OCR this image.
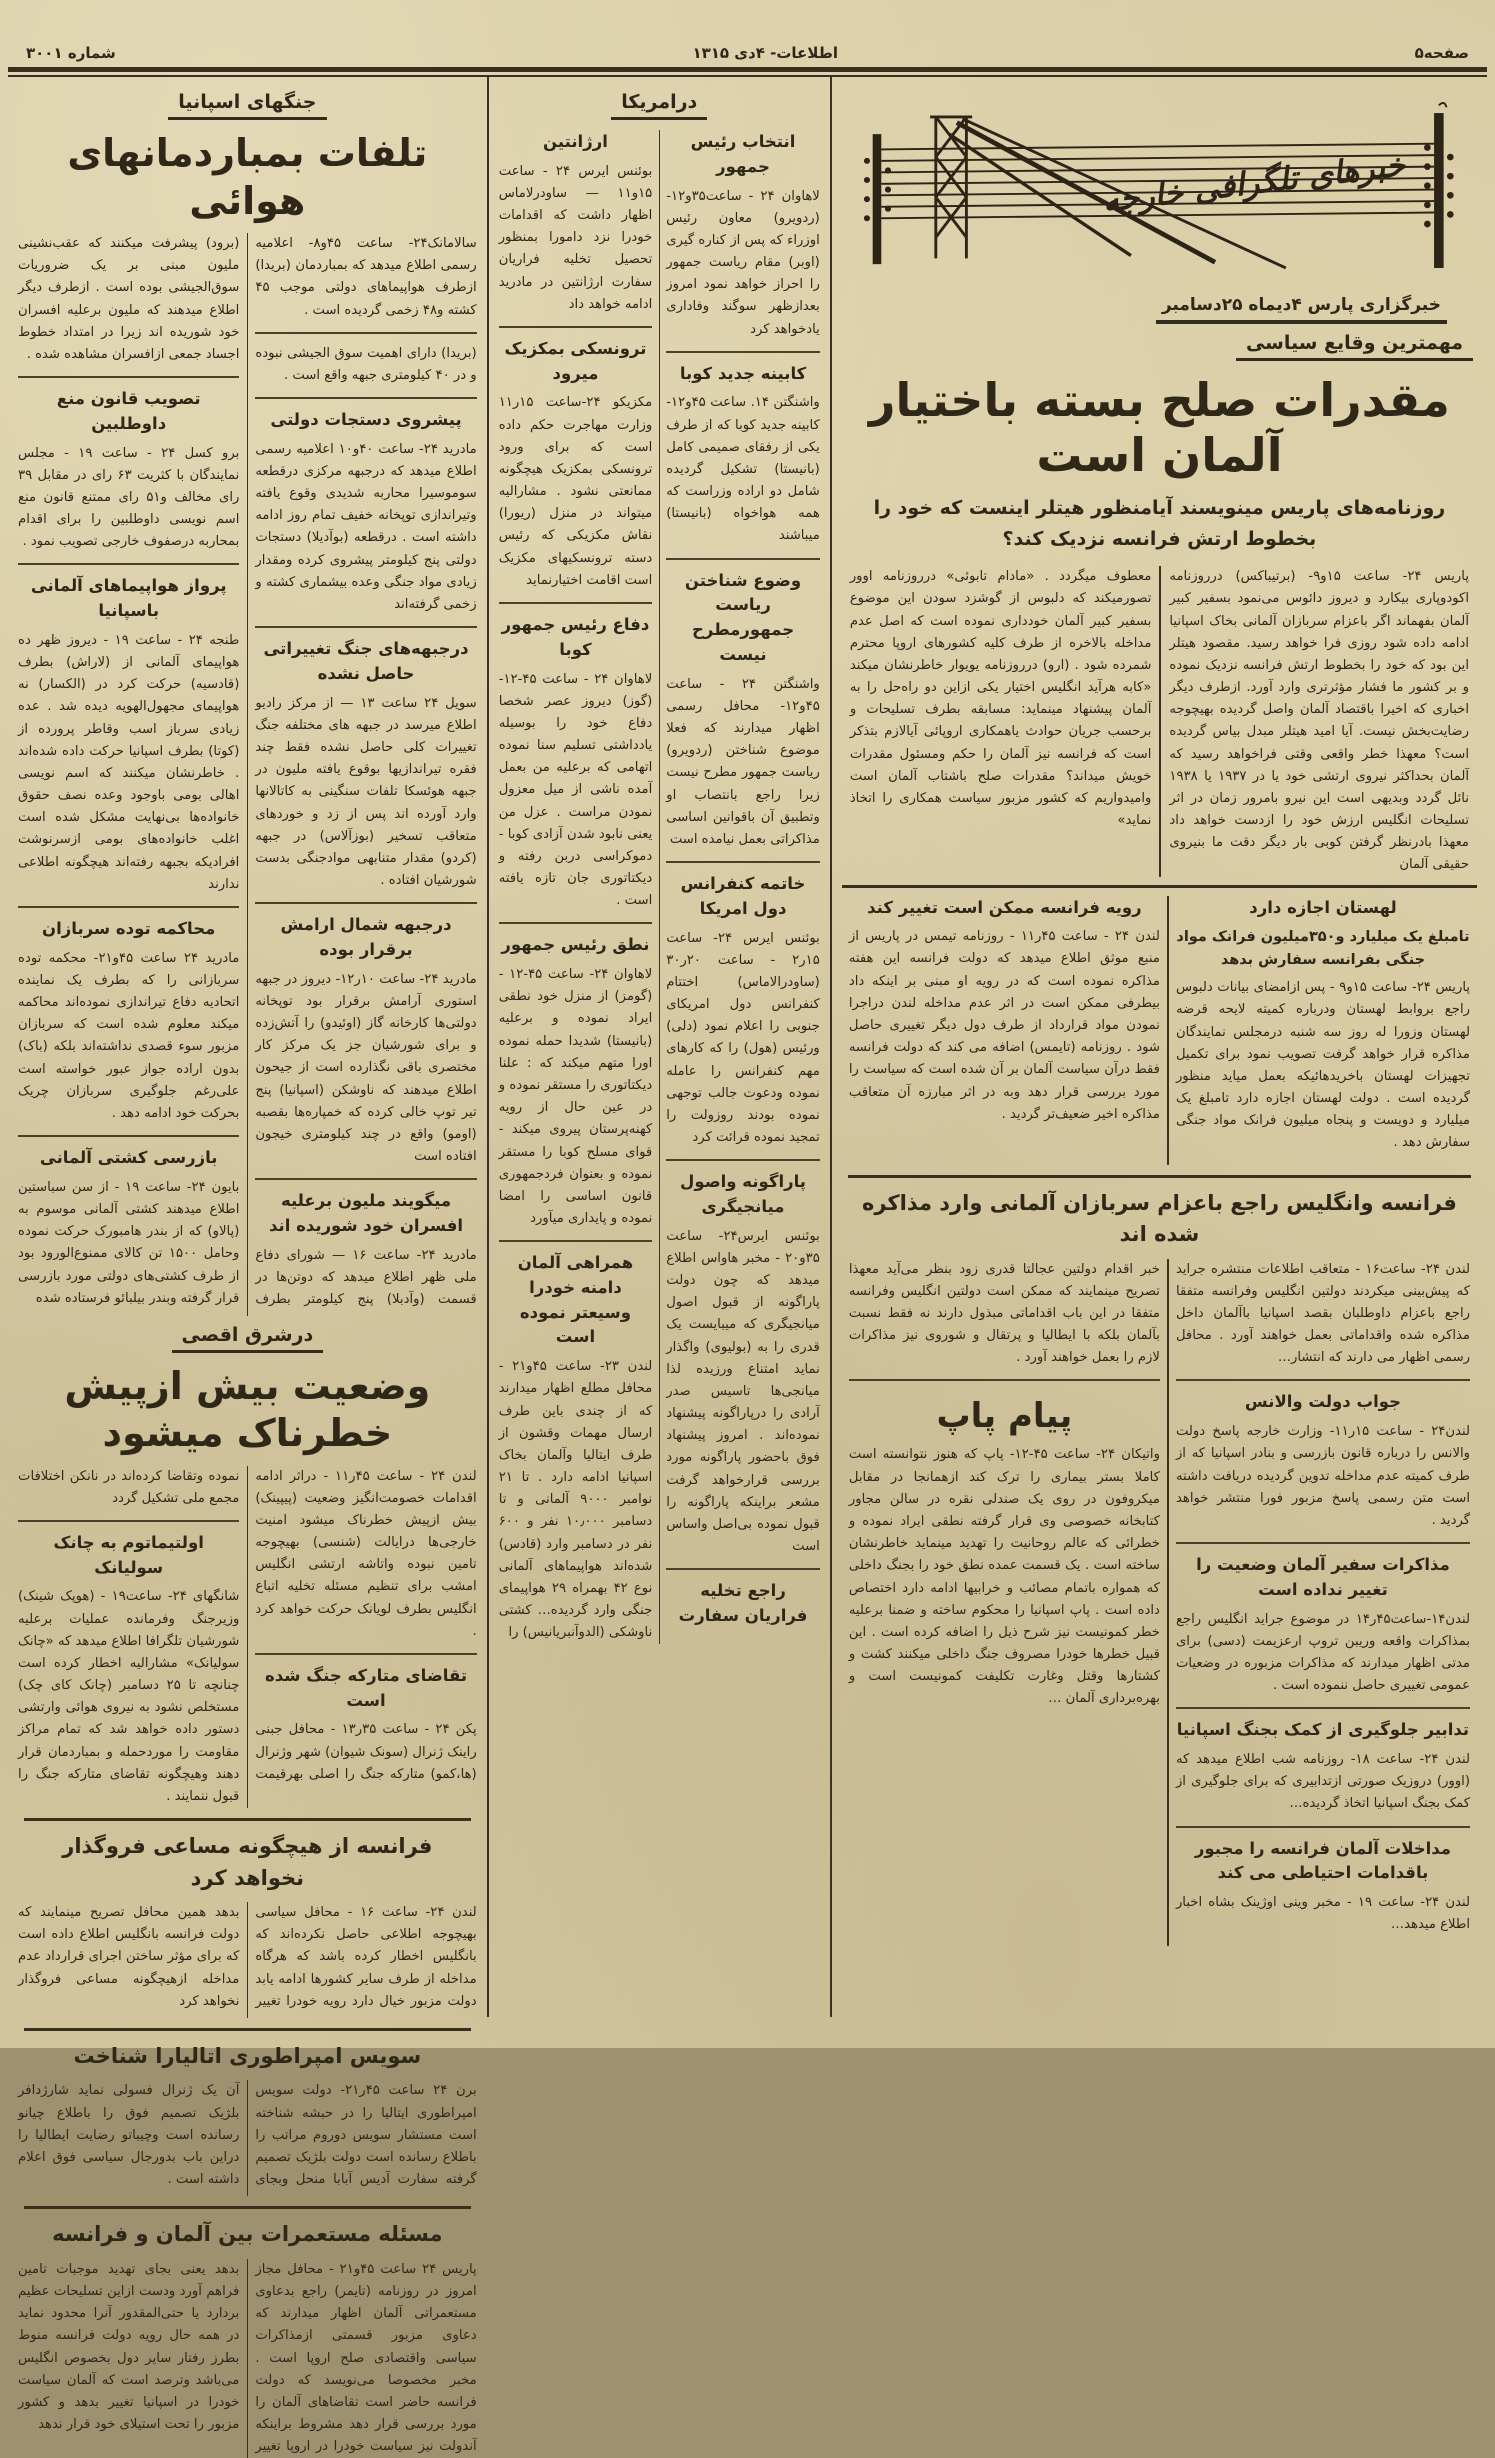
صفحه۵
اطلاعات- ۴دی ۱۳۱۵
شماره ۳۰۰۱
خبرهای تلگرافی خارجه
خبرگزاری پارس ۴دیماه ۲۵دسامبر
مهمترین وقایع سیاسی
مقدرات صلح بسته باختیار آلمان است
روزنامه‌های پاریس مینویسند آیامنظور هیتلر اینست که خود را بخطوط ارتش فرانسه نزدیک کند؟

پاریس ۲۴- ساعت ۱۵و۹- (برتیباکس) درروزنامه اکودوپاری بیکارد و دیروز دائوس می‌نمود بسفیر کبیر آلمان بفهماند اگر باعزام سربازان آلمانی بخاک اسپانیا ادامه داده شود روزی فرا خواهد رسید. مقصود هیتلر این بود که خود را بخطوط ارتش فرانسه نزدیک نموده و بر کشور ما فشار مؤثرتری وارد آورد. ازطرف دیگر اخباری که اخیرا باقتصاد آلمان واصل گردیده بهیچوجه رضایت‌بخش نیست. آیا امید هیتلر مبدل بیاس گردیده است؟ معهذا خطر واقعی وقتی فراخواهد رسید که آلمان بحداکثر نیروی ارتشی خود یا در ۱۹۳۷ یا ۱۹۳۸ نائل گردد وبدیهی است این نیرو بامرور زمان در اثر تسلیحات انگلیس ارزش خود را ازدست خواهد داد معهذا بادرنظر گرفتن کوبی بار دیگر دقت ما بنیروی حقیقی آلمان

معطوف میگردد . «مادام تابوئی» درروزنامه اوور تصورمیکند که دلبوس از گوشزد سودن این موضوع بسفیر کبیر آلمان خودداری نموده است که اصل عدم مداخله بالاخره از طرف کلیه کشورهای اروپا محترم شمرده شود . (ارو) درروزنامه یویوار خاطرنشان میکند «کابه هرآید انگلیس اختیار یکی ازاین دو راه‌حل را به آلمان پیشنهاد مینماید: مسابقه بطرف تسلیحات و برحسب جریان حوادث یاهمکاری اروپائی آیالازم بتذکر است که فرانسه نیز آلمان را حکم ومسئول مقدرات خویش میداند؟ مقدرات صلح باشتاب آلمان است وامیدواریم که کشور مزبور سیاست همکاری را اتخاذ نماید»

لهستان اجازه دارد
تامبلغ یک میلیارد و۳۵۰میلیون فرانک مواد جنگی بفرانسه سفارش بدهد

پاریس ۲۴- ساعت ۱۵و۹ - پس ازامضای بیانات دلبوس راجع بروابط لهستان ودرباره کمیته لایحه قرضه لهستان وزورا له روز سه شنبه درمجلس نمایندگان مذاکره قرار خواهد گرفت تصویب نمود برای تکمیل تجهیزات لهستان باخریدهائیکه بعمل میاید منظور گردیده است . دولت لهستان اجازه دارد تامبلغ یک میلیارد و دویست و پنجاه میلیون فرانک مواد جنگی سفارش دهد .

رویه فرانسه ممکن است تغییر کند

لندن ۲۴ - ساعت ۴۵ر۱۱ - روزنامه تیمس در پاریس از منبع موثق اطلاع میدهد که دولت فرانسه این هفته مذاکره نموده است که در رویه او مبنی بر اینکه داد بیطرفی ممکن است در اثر عدم مداخله لندن دراجرا نمودن مواد قرارداد از طرف دول دیگر تغییری حاصل شود . روزنامه (تایمس) اضافه می کند که دولت فرانسه فقط درآن سیاست آلمان بر آن شده است که سیاست را مورد بررسی قرار دهد وبه در اثر مبارزه آن متعاقب مذاکره اخیر ضعیف‌تر گردید .

فرانسه وانگلیس راجع باعزام سربازان آلمانی وارد مذاکره شده اند

لندن ۲۴- ساعت۱۶ - متعاقب اطلاعات منتشره جراید که پیش‌بینی میکردند دولتین انگلیس وفرانسه متفقا راجع باعزام داوطلبان بقصد اسپانیا باآلمان داخل مذاکره شده واقداماتی بعمل خواهند آورد . محافل رسمی اظهار می دارند که انتشار…

جواب دولت والانس

لندن۲۴ - ساعت ۱۵ر۱۱- وزارت خارجه پاسخ دولت والانس را درباره قانون بازرسی و بنادر اسپانیا که از طرف کمیته عدم مداخله تدوین گردیده دریافت داشته است متن رسمی پاسخ مزبور فورا منتشر خواهد گردید .

مذاکرات سفیر آلمان وضعیت را تغییر نداده است

لندن۱۴-ساعت۴۵ر۱۴ در موضوع جراید انگلیس راجع بمذاکرات واقعه وریبن تروپ ارعزیمت (دسی) برای مدتی اظهار میدارند که مذاکرات مزبوره در وضعیات عمومی تغییری حاصل ننموده است .

تدابیر جلوگیری از کمک بجنگ اسپانیا

لندن ۲۴- ساعت ۱۸- روزنامه شب اطلاع میدهد که (اوور) دروزیک صورتی ازتدابیری که برای جلوگیری از کمک بجنگ اسپانیا اتخاذ گردیده…

مداخلات آلمان فرانسه را مجبور باقدامات احتیاطی می کند

لندن ۲۴- ساعت ۱۹ - مخبر وینی اوژینک بشاه اخبار اطلاع میدهد…

خبر اقدام دولتین عجالتا قدری زود بنظر می‌آید معهذا تصریح مینمایند که ممکن است دولتین انگلیس وفرانسه متفقا در این باب اقداماتی مبذول دارند نه فقط نسبت بآلمان بلکه با ایطالیا و پرتقال و شوروی نیز مذاکرات لازم را بعمل خواهند آورد .

پیام پاپ

واتیکان ۲۴- ساعت ۴۵-۱۲- پاپ که هنوز نتوانسته است کاملا بستر بیماری را ترک کند ازهمانجا در مقابل میکروفون در روی یک صندلی نقره در سالن مجاور کتابخانه خصوصی وی قرار گرفته نطقی ایراد نموده و خطرائی که عالم روحانیت را تهدید مینماید خاطرنشان ساخته است . یک قسمت عمده نطق خود را بجنگ داخلی که همواره باتمام مصائب و خرابیها ادامه دارد اختصاص داده است . پاپ اسپانیا را محکوم ساخته و ضمنا برعلیه خطر کمونیست نیز شرح ذیل را اضافه کرده است . این قبیل خطرها خودرا مصروف جنگ داخلی میکنند کشت و کشتارها وقتل وغارت تکلیفت کمونیست است و بهره‌برداری آلمان …

درامریکا
انتخاب رئیس جمهور

لاهاوان ۲۴ - ساعت۳۵و۱۲- (ردویرو) معاون رئیس اوزراء که پس از کناره گیری (اوبر) مقام ریاست جمهور را احراز خواهد نمود امروز بعدازظهر سوگند وفاداری یادخواهد کرد

کابینه جدید کوبا

واشنگتن ۱۴. ساعت ۴۵و۱۲- کابینه جدید کوبا که از طرف یکی از رفقای صمیمی کامل (بانیستا) تشکیل گردیده شامل دو اراده وزراست که همه هواخواه (بانیستا) میباشند

وضوع شناختن ریاست جمهورمطرح نیست

واشنگتن ۲۴ - ساعت ۴۵و۱۲- محافل رسمی اظهار میدارند که فعلا موضوع شناختن (ردویرو) ریاست جمهور مطرح نیست زیرا راجع بانتصاب او وتطبیق آن باقوانین اساسی مذاکراتی بعمل نیامده است

خاتمه کنفرانس دول امریکا

بوئنس ایرس ۲۴- ساعت ۱۵ر۲ - ساعت ۲۰ر۳۰ (ساودرالاماس) اختتام کنفرانس دول امریکای جنوبی را اعلام نمود (دلی) ورئیس (هول) را که کارهای مهم کنفرانس را عامله نموده ودعوت جالب توجهی نموده بودند روزولت را تمجید نموده قرائت کرد

پاراگونه واصول میانجیگری

بوئنس ایرس۲۴- ساعت ۳۵و۲۰ - مخبر هاواس اطلاع میدهد که چون دولت پاراگونه از قبول اصول میانجیگری که میبایست یک قدری را به (بولیوی) واگذار نماید امتناع ورزیده لذا میانجی‌ها تاسیس صدر آرادی را درپاراگونه پیشنهاد نموده‌اند . امروز پیشنهاد فوق باحضور پاراگونه مورد بررسی قرارخواهد گرفت مشعر براینکه پاراگونه را قبول نموده بی‌اصل واساس است

راجع تخلیه فراریان سفارت ارژانتین

بوئنس ایرس ۲۴ - ساعت ۱۵و۱۱ — ساودرلاماس اظهار داشت که اقدامات خودرا نزد دامورا بمنظور تحصیل تخلیه فراریان سفارت ارژانتین در مادرید ادامه خواهد داد

ترونسکی بمکزیک میرود

مکزیکو ۲۴-ساعت ۱۵ر۱۱ وزارت مهاجرت حکم داده است که برای ورود ترونسکی بمکزیک هیچگونه ممانعتی نشود . مشارالیه میتواند در منزل (ریورا) نقاش مکزیکی که رئیس دسته ترونسکیهای مکزیک است اقامت اختیارنماید

دفاع رئیس جمهور کوبا

لاهاوان ۲۴ - ساعت ۴۵-۱۲- (گوز) دیروز عصر شخصا دفاع خود را بوسیله یادداشتی تسلیم سنا نموده اتهامی که برعلیه من بعمل آمده ناشی از میل معزول نمودن مراست . عزل من یعنی نابود شدن آزادی کوبا - دموکراسی دربن رفته و دیکتاتوری جان تازه یافته است .

نطق رئیس جمهور

لاهاوان ۲۴- ساعت ۴۵-۱۲ - (گومز) از منزل خود نطقی ایراد نموده و برعلیه (بانیستا) شدیدا حمله نموده اورا متهم میکند که : علنا دیکتاتوری را مستقر نموده و در عین حال از رویه کهنه‌پرستان پیروی میکند - قوای مسلح کوبا را مستقر نموده و بعنوان فردجمهوری قانون اساسی را امضا نموده و پایداری میآورد

همراهی آلمان دامنه خودرا وسیعتر نموده است

لندن ۲۳- ساعت ۴۵و۲۱ - محافل مطلع اظهار میدارند که از چندی باین طرف ارسال مهمات وقشون از طرف ایتالیا وآلمان بخاک اسپانیا ادامه دارد . تا ۲۱ نوامبر ۹۰۰۰ آلمانی و تا دسامبر ۱۰٫۰۰۰ نفر و ۶۰۰ نفر در دسامبر وارد (قادس) شده‌اند هواپیماهای آلمانی نوع ۴۲ بهمراه ۲۹ هواپیمای جنگی وارد گردیده… کشتی ناوشکی (الدوآنبریانیس) را

جنگهای اسپانیا
تلفات بمباردمانهای هوائی

سالامانک۲۴- ساعت ۴۵و۸- اعلامیه رسمی اطلاع میدهد که بمباردمان (بریدا) ازطرف هواپیماهای دولتی موجب ۴۵ کشته و۴۸ زخمی گردیده است .

(بریدا) دارای اهمیت سوق الجیشی نبوده و در ۴۰ کیلومتری جبهه واقع است .

پیشروی دستجات دولتی

مادرید ۲۴- ساعت ۴۰و۱۰ اعلامیه رسمی اطلاع میدهد که درجبهه مرکزی درقطعه سوموسیرا محاربه شدیدی وقوع یافته وتیراندازی توپخانه خفیف تمام روز ادامه داشته است . درقطعه (بوآدیلا) دستجات دولتی پنج کیلومتر پیشروی کرده ومقدار زیادی مواد جنگی وعده بیشماری کشته و زخمی گرفته‌اند

درجبهه‌های جنگ تغییراتی حاصل نشده

سویل ۲۴ ساعت ۱۳ — از مرکز رادیو اطلاع میرسد در جبهه های مختلفه جنگ تغییرات کلی حاصل نشده فقط چند فقره تیراندازیها بوقوع یافته ملیون در جبهه هوئسکا تلفات سنگینی به کاتالانها وارد آورده اند پس از زد و خوردهای متعاقب تسخیر (بوزآلاس) در جبهه (کردو) مقدار متنابهی موادجنگی بدست شورشیان افتاده .

درجبهه شمال ارامش برقرار بوده

مادرید ۲۴- ساعت ۱۰ر۱۲- دیروز در جبهه استوری آرامش برقرار بود توپخانه دولتی‌ها کارخانه گاز (اوئیدو) را آتش‌زده و برای شورشیان جز یک مرکز کار مختصری باقی نگذارده است از جیحون اطلاع میدهند که ناوشکن (اسپانیا) پنج تیر توپ خالی کرده که خمپاره‌ها بقصبه (اومو) واقع در چند کیلومتری خیجون افتاده است

میگویند ملیون برعلیه افسران خود شوریده اند

مادرید ۲۴- ساعت ۱۶ — شورای دفاع ملی ظهر اطلاع میدهد که دوتن‌ها در قسمت (وآدبلا) پنج کیلومتر بطرف (برود) پیشرفت میکنند که عقب‌نشینی ملیون مبنی بر یک ضروریات سوق‌الجیشی بوده است . ازطرف دیگر اطلاع میدهند که ملیون برعلیه افسران خود شوریده اند زیرا در امتداد خطوط اجساد جمعی ازافسران مشاهده شده .

تصویب قانون منع داوطلبین

برو کسل ۲۴ - ساعت ۱۹ - مجلس نمایندگان با کثریت ۶۳ رای در مقابل ۳۹ رای مخالف و۵۱ رای ممتنع قانون منع اسم نویسی داوطلبین را برای اقدام بمحاربه درصفوف خارجی تصویب نمود .

پرواز هواپیماهای آلمانی باسپانیا

طنجه ۲۴ - ساعت ۱۹ - دیروز ظهر ده هواپیمای آلمانی از (لاراش) بطرف (قادسیه) حرکت کرد در (الکسار) نه هواپیمای مجهول‌الهویه دیده شد . عده زیادی سرباز اسب وقاطر پرورده از (کوتا) بطرف اسپانیا حرکت داده شده‌اند . خاطرنشان میکنند که اسم نویسی اهالی بومی باوجود وعده نصف حقوق خانواده‌ها بی‌نهایت مشکل شده است اغلب خانواده‌های بومی ازسرنوشت افرادیکه بجبهه رفته‌اند هیچگونه اطلاعی ندارند

محاکمه توده سربازان

مادرید ۲۴ ساعت ۴۵و۲۱- محکمه توده سربازانی را که بطرف یک نماینده اتحادیه دفاع تیراندازی نموده‌اند محاکمه میکند معلوم شده است که سربازان مزبور سوء قصدی نداشته‌اند بلکه (باک) بدون اراده جواز عبور خواسته است علی‌رغم جلوگیری سربازان چریک بحرکت خود ادامه دهد .

بازرسی کشتی آلمانی

بایون ۲۴- ساعت ۱۹ - از سن سباستین اطلاع میدهند کشتی آلمانی موسوم به (پالاو) که از بندر هامبورک حرکت نموده وحامل ۱۵۰۰ تن کالای ممنوع‌الورود بود از طرف کشتی‌های دولتی مورد بازرسی قرار گرفته وبندر بیلبائو فرستاده شده

درشرق اقصی
وضعیت بیش ازپیش خطرناک میشود

لندن ۲۴ - ساعت ۴۵ر۱۱ - دراثر ادامه اقدامات خصومت‌انگیز وضعیت (پیپینک) بیش ازپیش خطرناک میشود امنیت خارجی‌ها درایالت (شنسی) بهیچوجه تامین نبوده واتاشه ارتشی انگلیس امشب برای تنظیم مسئله تخلیه اتباع انگلیس بطرف لویانک حرکت خواهد کرد .

تقاضای متارکه جنگ شده است

پکن ۲۴ - ساعت ۳۵ر۱۳ - محافل جبنی راینک ژنرال (سونک شیوان) شهر وژنرال (ها،کمو) متارکه جنگ را اصلی بهرقیمت نموده وتقاضا کرده‌اند در نانکن اختلافات مجمع ملی تشکیل گردد

اولتیماتوم به چانک سولیانک

شانگهای ۲۴- ساعت۱۹ - (هوپک شینک) وزیرجنگ وفرمانده عملیات برعلیه شورشیان تلگرافا اطلاع میدهد که «چانک سولیانک» مشارالیه اخطار کرده است چنانچه تا ۲۵ دسامبر (چانک کای چک) مستخلص نشود به نیروی هوائی وارتشی دستور داده خواهد شد که تمام مراکز مقاومت را موردحمله و بمباردمان قرار دهند وهیچگونه تقاضای متارکه جنگ را قبول ننمایند .

فرانسه از هیچگونه مساعی فروگذار نخواهد کرد

لندن ۲۴- ساعت ۱۶ - محافل سیاسی بهیچوجه اطلاعی حاصل نکرده‌اند که بانگلیس اخطار کرده باشد که هرگاه مداخله از طرف سایر کشورها ادامه یابد دولت مزبور خیال دارد رویه خودرا تغییر بدهد همین محافل تصریح مینمایند که دولت فرانسه بانگلیس اطلاع داده است که برای مؤثر ساختن اجرای قرارداد عدم مداخله ازهیچگونه مساعی فروگذار نخواهد کرد

سویس امپراطوری اتالیارا شناخت

برن ۲۴ ساعت ۴۵ر۲۱- دولت سویس امپراطوری ایتالیا را در حبشه شناخته است مستشار سویس دوروم مراتب را باطلاع رسانده است دولت بلژیک تصمیم گرفته سفارت آدیس آبابا منحل وبجای آن یک ژنرال فسولی نماید شارژدافر بلژیک تصمیم فوق را باطلاع چیانو رسانده است وچیباتو رضایت ایطالیا را دراین باب بدورجال سیاسی فوق اعلام داشته است .

مسئله مستعمرات بین آلمان و فرانسه

پاریس ۲۴ ساعت ۴۵و۲۱ - محافل مجاز امروز در روزنامه (تایمر) راجع بدعاوی مستعمراتی آلمان اظهار میدارند که دعاوی مزبور قسمتی ازمذاکرات سیاسی واقتصادی صلح اروپا است . مخبر مخصوصا می‌نویسد که دولت فرانسه حاضر است تقاضاهای آلمان را مورد بررسی قرار دهد مشروط براینکه آندولت نیز سیاست خودرا در اروپا تغییر بدهد یعنی بجای تهدید موجبات تامین فراهم آورد ودست ازاین تسلیحات عظیم بردارد یا حتی‌المقدور آنرا محدود نماید در همه حال رویه دولت فرانسه منوط بطرز رفتار سایر دول بخصوص انگلیس می‌باشد وترصد است که آلمان سیاست خودرا در اسپانیا تغییر بدهد و کشور مزبور را تحت استیلای خود قرار ندهد
